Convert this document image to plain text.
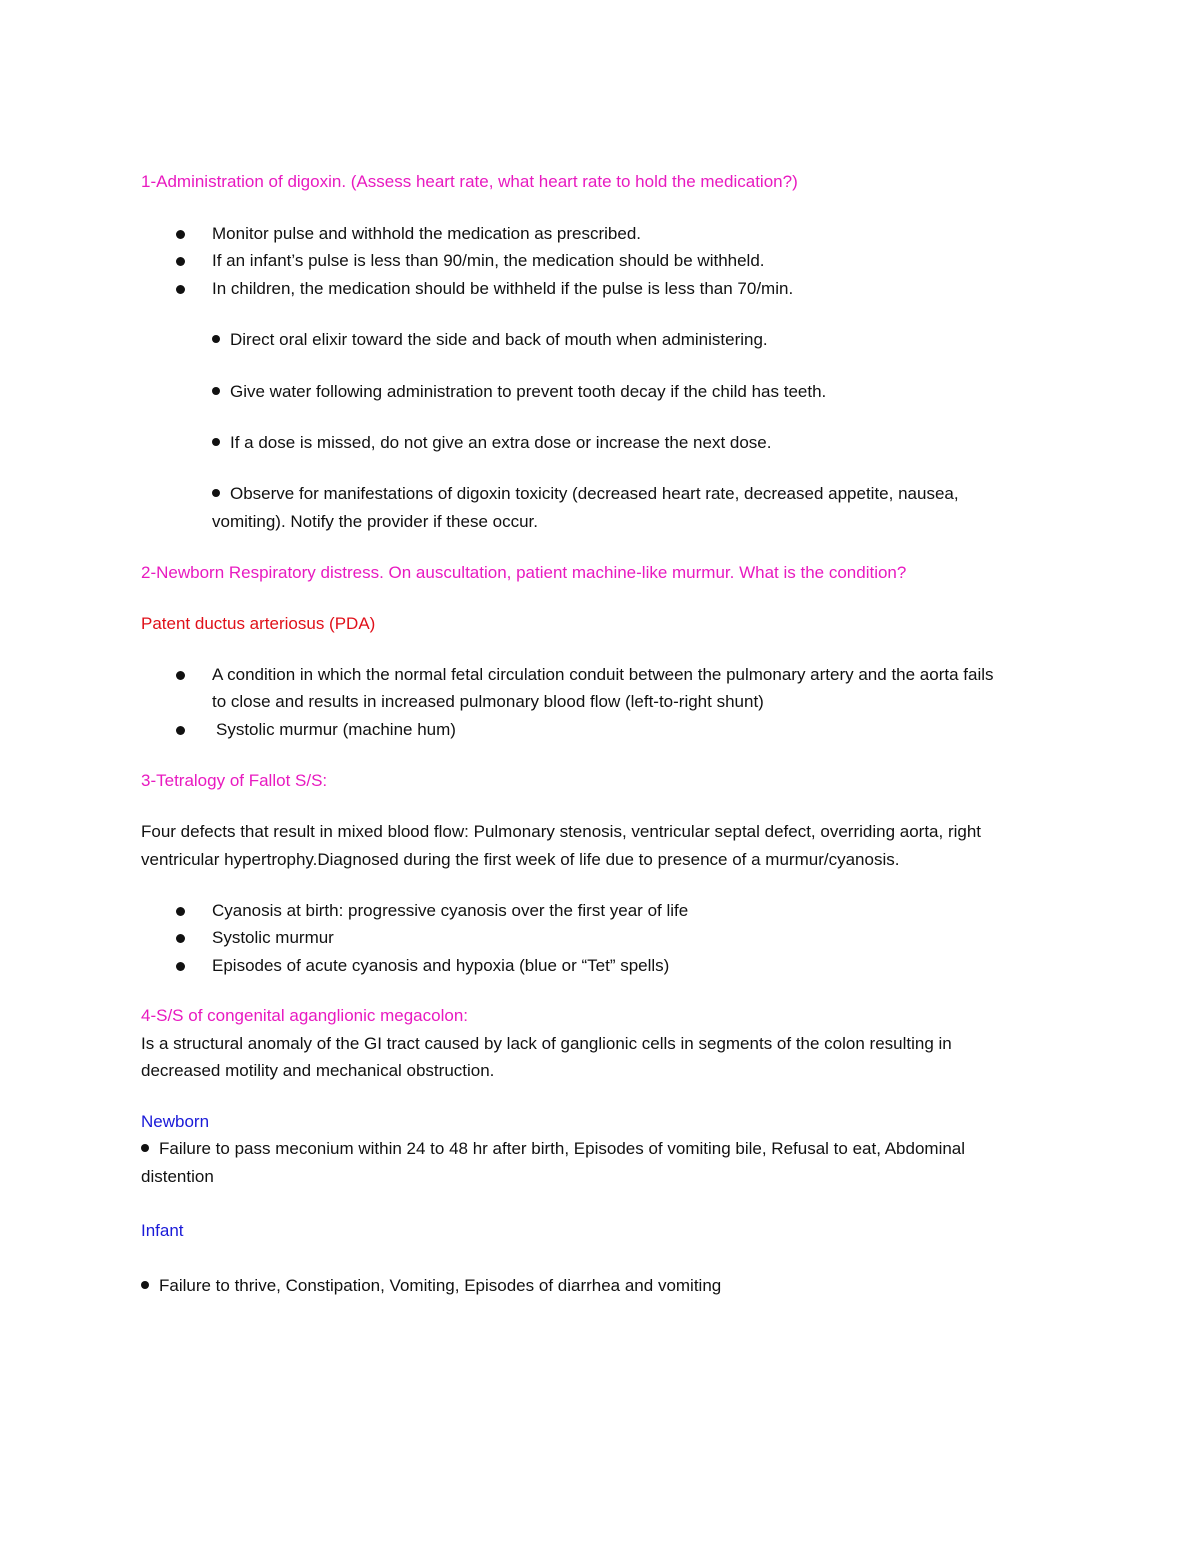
1-Administration of digoxin. (Assess heart rate, what heart rate to hold the medication?)
Monitor pulse and withhold the medication as prescribed.
If an infant’s pulse is less than 90/min, the medication should be withheld.
In children, the medication should be withheld if the pulse is less than 70/min.
Direct oral elixir toward the side and back of mouth when administering.
Give water following administration to prevent tooth decay if the child has teeth.
If a dose is missed, do not give an extra dose or increase the next dose.
Observe for manifestations of digoxin toxicity (decreased heart rate, decreased appetite, nausea,
vomiting). Notify the provider if these occur.
2-Newborn Respiratory distress. On auscultation, patient machine-like murmur. What is the condition?
Patent ductus arteriosus (PDA)
A condition in which the normal fetal circulation conduit between the pulmonary artery and the aorta fails
to close and results in increased pulmonary blood flow (left-to-right shunt)
Systolic murmur (machine hum)
3-Tetralogy of Fallot S/S:
Four defects that result in mixed blood flow: Pulmonary stenosis, ventricular septal defect, overriding aorta, right
ventricular hypertrophy.Diagnosed during the first week of life due to presence of a murmur/cyanosis.
Cyanosis at birth: progressive cyanosis over the first year of life
Systolic murmur
Episodes of acute cyanosis and hypoxia (blue or “Tet” spells)
4-S/S of congenital aganglionic megacolon:
Is a structural anomaly of the GI tract caused by lack of ganglionic cells in segments of the colon resulting in
decreased motility and mechanical obstruction.
Newborn
Failure to pass meconium within 24 to 48 hr after birth, Episodes of vomiting bile, Refusal to eat, Abdominal
distention
Infant
Failure to thrive, Constipation, Vomiting, Episodes of diarrhea and vomiting
